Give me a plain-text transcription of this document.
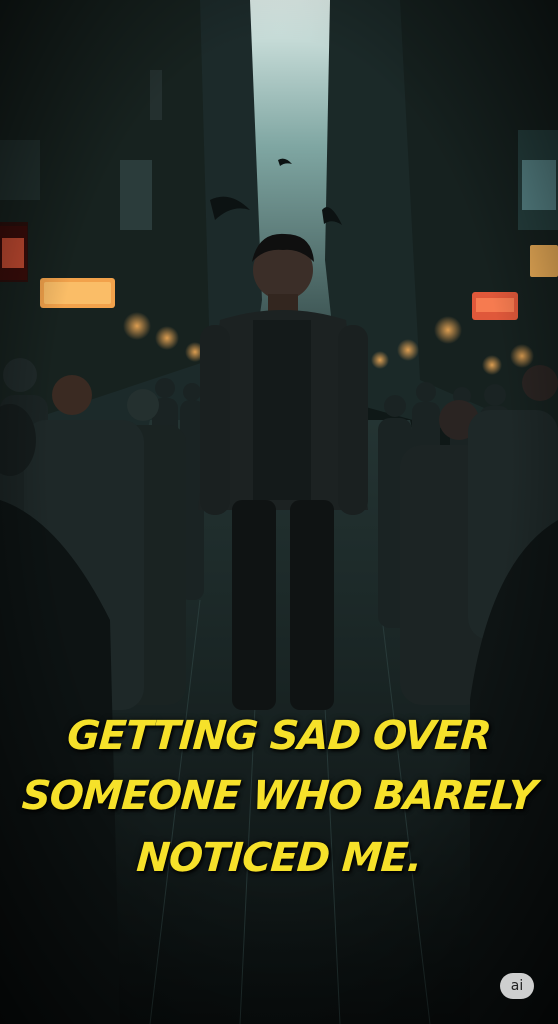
GETTING SAD OVER
SOMEONE WHO BARELY
NOTICED ME.
ai
